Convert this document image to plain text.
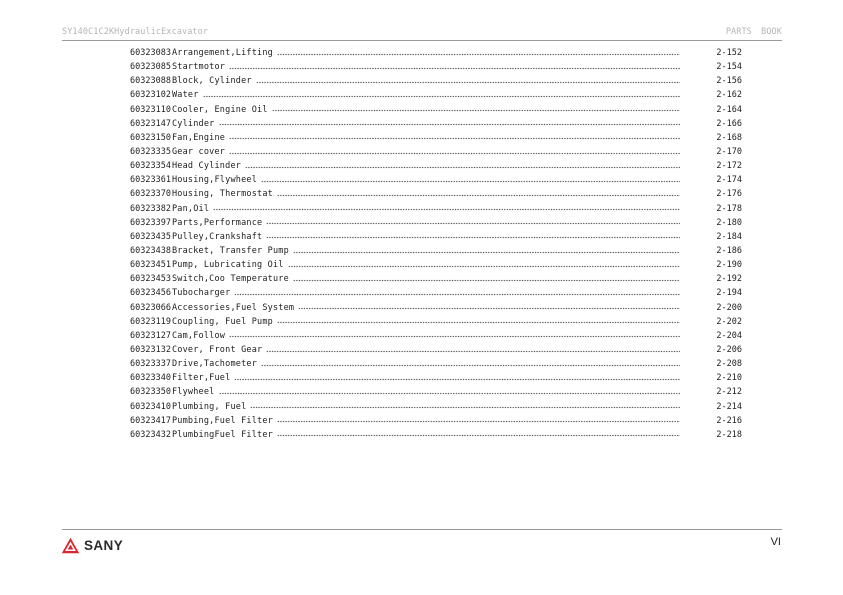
SY140C1C2KHydraulicExcavator	PARTS BOOK
60323083 Arrangement,Lifting	2-152
60323085 Startmotor	2-154
60323088 Block, Cylinder	2-156
60323102 Water	2-162
60323110 Cooler, Engine Oil	2-164
60323147 Cylinder	2-166
60323150 Fan,Engine	2-168
60323335 Gear cover	2-170
60323354 Head Cylinder	2-172
60323361 Housing,Flywheel	2-174
60323370 Housing, Thermostat	2-176
60323382 Pan,Oil	2-178
60323397 Parts,Performance	2-180
60323435 Pulley,Crankshaft	2-184
60323438 Bracket, Transfer Pump	2-186
60323451 Pump, Lubricating Oil	2-190
60323453 Switch,Coo Temperature	2-192
60323456 Tubocharger	2-194
60323066 Accessories,Fuel System	2-200
60323119 Coupling, Fuel Pump	2-202
60323127 Cam,Follow	2-204
60323132 Cover, Front Gear	2-206
60323337 Drive,Tachometer	2-208
60323340 Filter,Fuel	2-210
60323350 Flywheel	2-212
60323410 Plumbing, Fuel	2-214
60323417 Pumbing,Fuel Filter	2-216
60323432 PlumbingFuel Filter	2-218
SANY	VI
